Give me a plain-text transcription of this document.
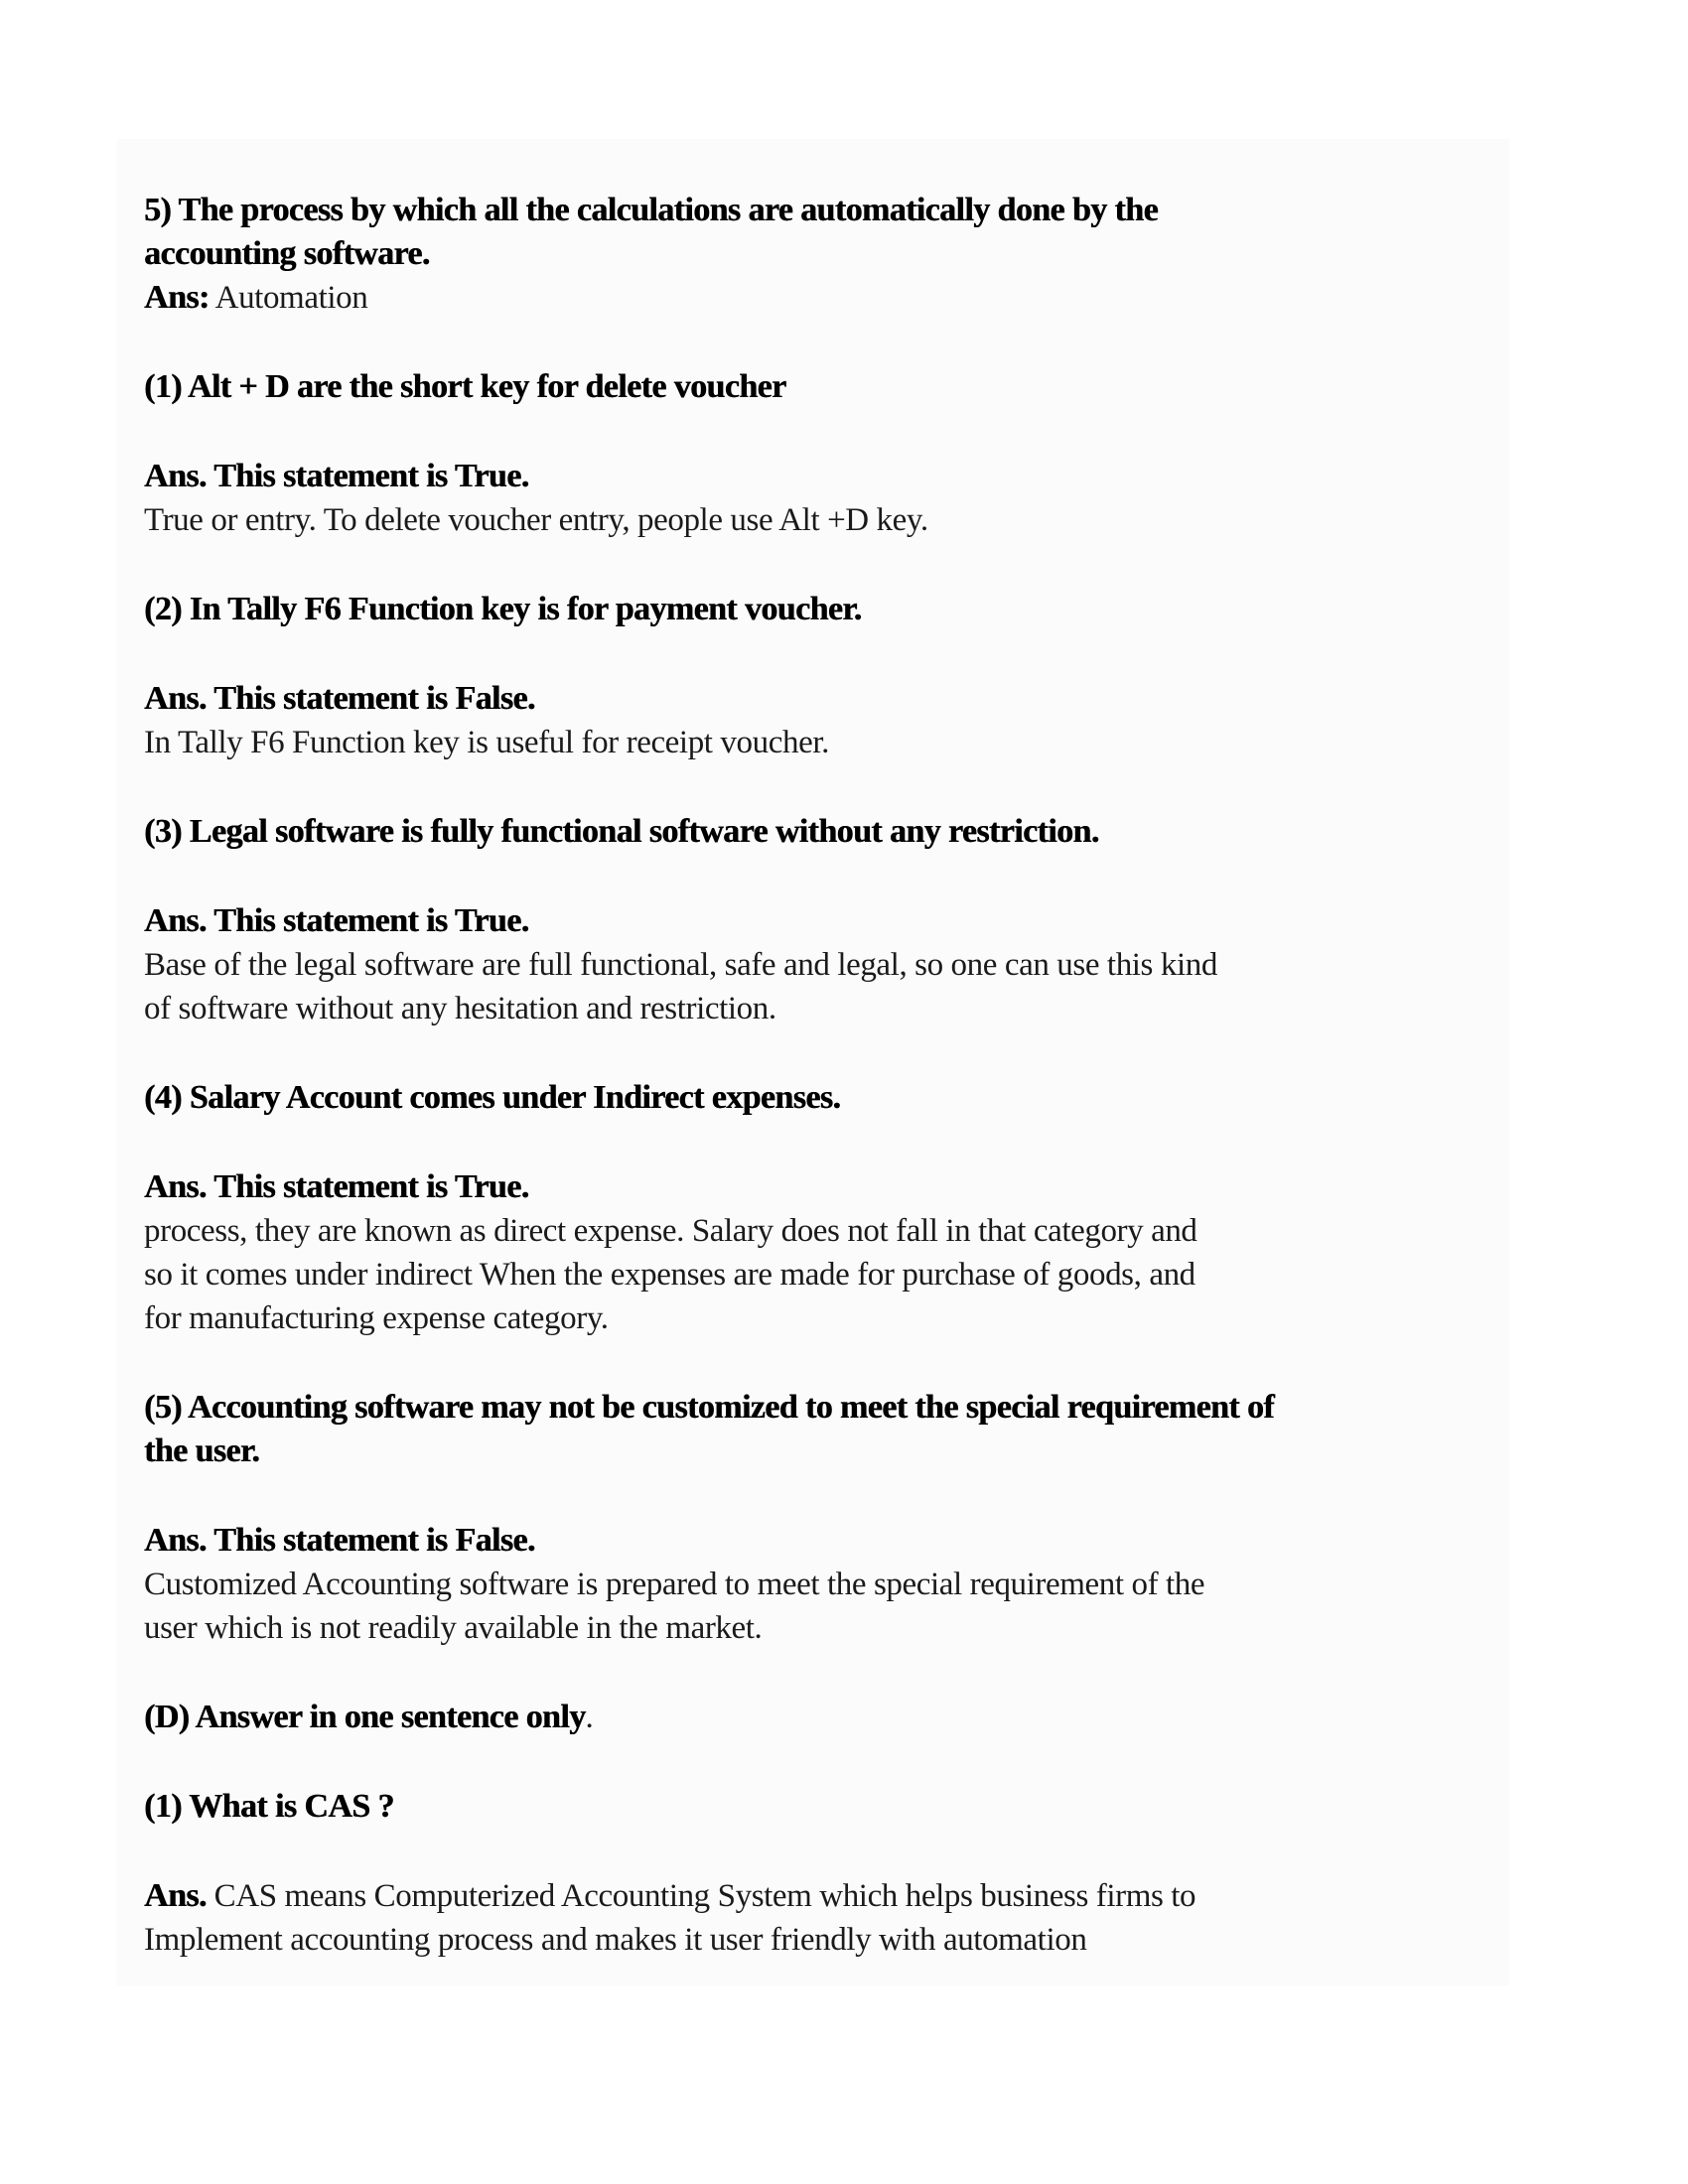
5) The process by which all the calculations are automatically done by the
accounting software.
Ans: Automation
(1) Alt + D are the short key for delete voucher
Ans. This statement is True.
True or entry. To delete voucher entry, people use Alt +D key.
(2) In Tally F6 Function key is for payment voucher.
Ans. This statement is False.
In Tally F6 Function key is useful for receipt voucher.
(3) Legal software is fully functional software without any restriction.
Ans. This statement is True.
Base of the legal software are full functional, safe and legal, so one can use this kind
of software without any hesitation and restriction.
(4) Salary Account comes under Indirect expenses.
Ans. This statement is True.
process, they are known as direct expense. Salary does not fall in that category and
so it comes under indirect When the expenses are made for purchase of goods, and
for manufacturing expense category.
(5) Accounting software may not be customized to meet the special requirement of
the user.
Ans. This statement is False.
Customized Accounting software is prepared to meet the special requirement of the
user which is not readily available in the market.
(D) Answer in one sentence only.
(1) What is CAS ?
Ans. CAS means Computerized Accounting System which helps business firms to
Implement accounting process and makes it user friendly with automation
